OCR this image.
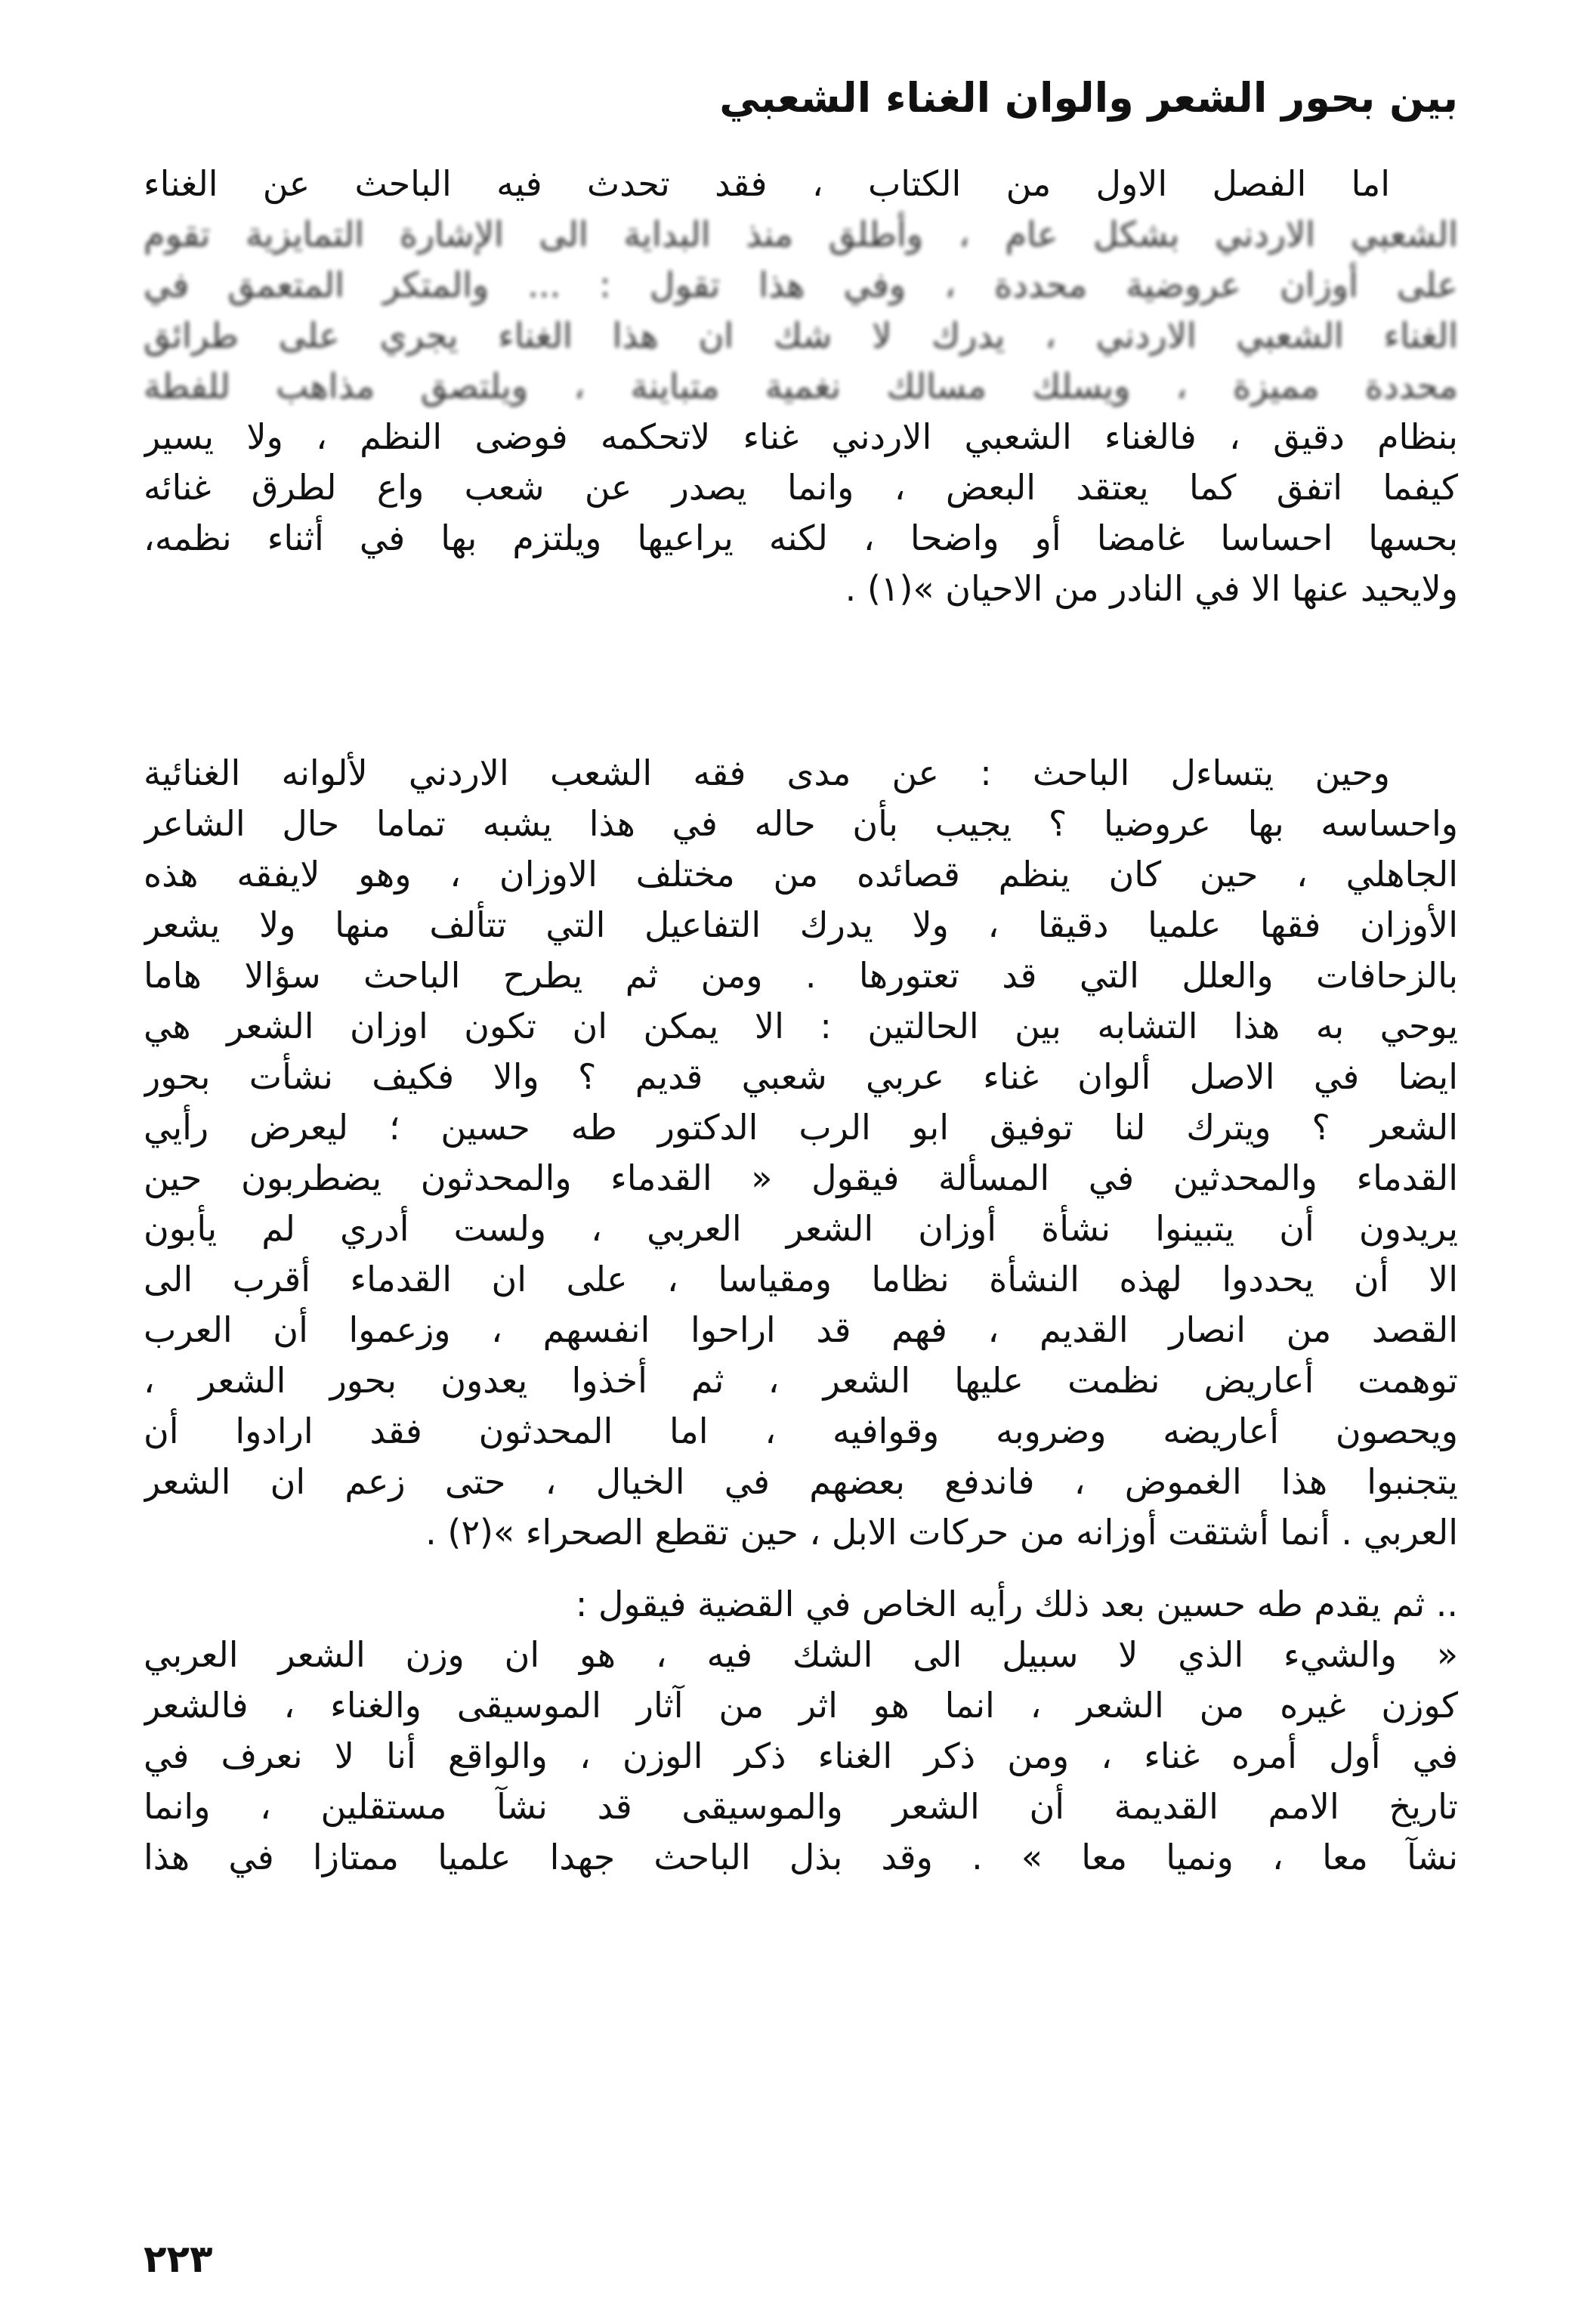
بين بحور الشعر والوان الغناء الشعبي
اما الفصل الاول من الكتاب ، فقد تحدث فيه الباحث عن الغناء
الشعبي الاردني بشكل عام ، وأطلق منذ البداية الى الإشارة التمايزية تقوم
على أوزان عروضية محددة ، وفي هذا تقول : ... والمتكر المتعمق في
الغناء الشعبي الاردني ، يدرك لا شك ان هذا الغناء يجري على طرائق
محددة مميزة ، ويسلك مسالك نغمية متباينة ، ويلتصق مذاهب للفطة
بنظام دقيق ، فالغناء الشعبي الاردني غناء لاتحكمه فوضى النظم ، ولا يسير
كيفما اتفق كما يعتقد البعض ، وانما يصدر عن شعب واع لطرق غنائه
بحسها احساسا غامضا أو واضحا ، لكنه يراعيها ويلتزم بها في أثناء نظمه،
ولايحيد عنها الا في النادر من الاحيان »(١) .
وحين يتساءل الباحث : عن مدى فقه الشعب الاردني لألوانه الغنائية
واحساسه بها عروضيا ؟ يجيب بأن حاله في هذا يشبه تماما حال الشاعر
الجاهلي ، حين كان ينظم قصائده من مختلف الاوزان ، وهو لايفقه هذه
الأوزان فقها علميا دقيقا ، ولا يدرك التفاعيل التي تتألف منها ولا يشعر
بالزحافات والعلل التي قد تعتورها . ومن ثم يطرح الباحث سؤالا هاما
يوحي به هذا التشابه بين الحالتين : الا يمكن ان تكون اوزان الشعر هي
ايضا في الاصل ألوان غناء عربي شعبي قديم ؟ والا فكيف نشأت بحور
الشعر ؟ ويترك لنا توفيق ابو الرب الدكتور طه حسين ؛ ليعرض رأيي
القدماء والمحدثين في المسألة فيقول « القدماء والمحدثون يضطربون حين
يريدون أن يتبينوا نشأة أوزان الشعر العربي ، ولست أدري لم يأبون
الا أن يحددوا لهذه النشأة نظاما ومقياسا ، على ان القدماء أقرب الى
القصد من انصار القديم ، فهم قد اراحوا انفسهم ، وزعموا أن العرب
توهمت أعاريض نظمت عليها الشعر ، ثم أخذوا يعدون بحور الشعر ،
ويحصون أعاريضه وضروبه وقوافيه ، اما المحدثون فقد ارادوا أن
يتجنبوا هذا الغموض ، فاندفع بعضهم في الخيال ، حتى زعم ان الشعر
العربي . أنما أشتقت أوزانه من حركات الابل ، حين تقطع الصحراء »(٢) .
.. ثم يقدم طه حسين بعد ذلك رأيه الخاص في القضية فيقول :
« والشيء الذي لا سبيل الى الشك فيه ، هو ان وزن الشعر العربي
كوزن غيره من الشعر ، انما هو اثر من آثار الموسيقى والغناء ، فالشعر
في أول أمره غناء ، ومن ذكر الغناء ذكر الوزن ، والواقع أنا لا نعرف في
تاريخ الامم القديمة أن الشعر والموسيقى قد نشآ مستقلين ، وانما
نشآ معا ، ونميا معا » . وقد بذل الباحث جهدا علميا ممتازا في هذا
٢٢٣
